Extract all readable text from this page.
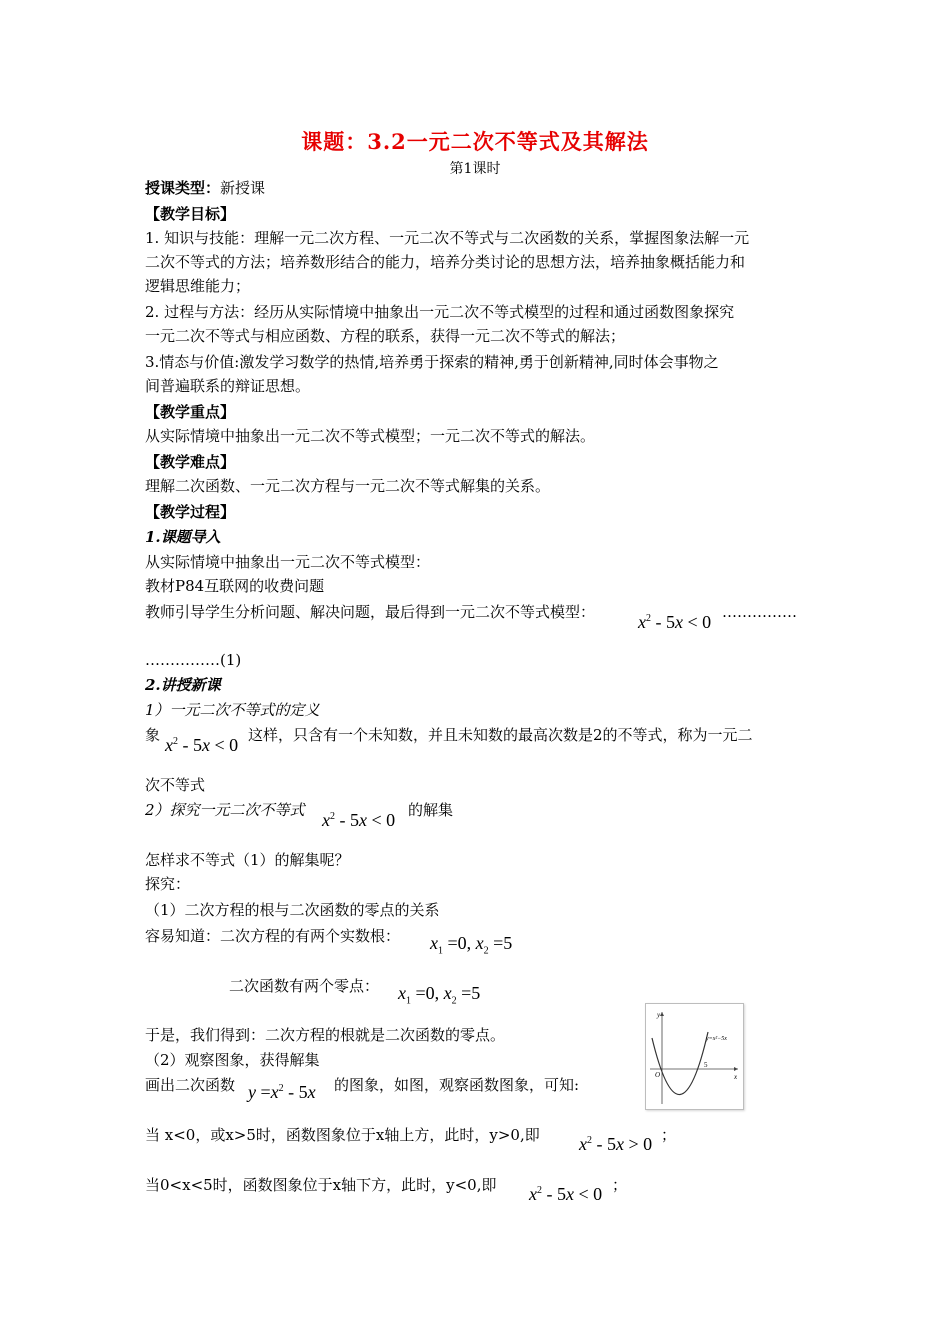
课题：3.2一元二次不等式及其解法
第1课时
授课类型：新授课
【教学目标】
1. 知识与技能：理解一元二次方程、一元二次不等式与二次函数的关系，掌握图象法解一元
二次不等式的方法；培养数形结合的能力，培养分类讨论的思想方法，培养抽象概括能力和
逻辑思维能力；
2. 过程与方法：经历从实际情境中抽象出一元二次不等式模型的过程和通过函数图象探究
一元二次不等式与相应函数、方程的联系，获得一元二次不等式的解法；
3.情态与价值:激发学习数学的热情,培养勇于探索的精神,勇于创新精神,同时体会事物之
间普遍联系的辩证思想。
【教学重点】
从实际情境中抽象出一元二次不等式模型；一元二次不等式的解法。
【教学难点】
理解二次函数、一元二次方程与一元二次不等式解集的关系。
【教学过程】
1.课题导入
从实际情境中抽象出一元二次不等式模型：
教材P84互联网的收费问题
教师引导学生分析问题、解决问题，最后得到一元二次不等式模型： $x^2 - 5x < 0$ ……………
……………(1)
2.讲授新课
1）一元二次不等式的定义
象 $x^2 - 5x < 0$ 这样，只含有一个未知数，并且未知数的最高次数是2的不等式，称为一元二
次不等式
2）探究一元二次不等式 $x^2 - 5x < 0$ 的解集
怎样求不等式（1）的解集呢？
探究：
（1）二次方程的根与二次函数的零点的关系
容易知道：二次方程的有两个实数根： $x_1 =0$, $x_2 =5$
二次函数有两个零点： $x_1 =0$, $x_2 =5$
于是，我们得到：二次方程的根就是二次函数的零点。
y
x
O
5
y=x²−5x
（2）观察图象，获得解集
画出二次函数 $y =x^2 - 5x$ 的图象，如图，观察函数图象，可知:
当 x<0，或x>5时，函数图象位于x轴上方，此时，y>0,即 $x^2 - 5x > 0$ ；
当0<x<5时，函数图象位于x轴下方，此时，y<0,即 $x^2 - 5x < 0$ ；
